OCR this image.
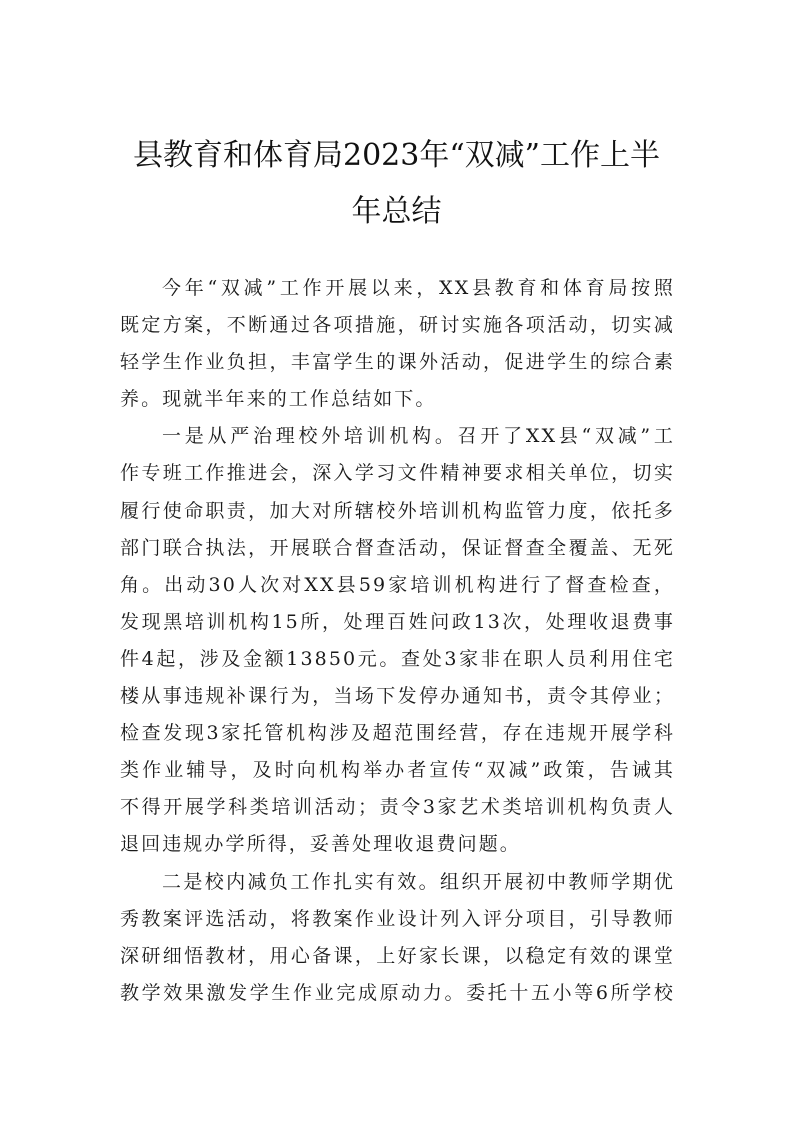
县教育和体育局2023年“双减”工作上半
年总结
今年“双减”工作开展以来，XX县教育和体育局按照
既定方案，不断通过各项措施，研讨实施各项活动，切实减
轻学生作业负担，丰富学生的课外活动，促进学生的综合素
养。现就半年来的工作总结如下。
一是从严治理校外培训机构。召开了XX县“双减”工
作专班工作推进会，深入学习文件精神要求相关单位，切实
履行使命职责，加大对所辖校外培训机构监管力度，依托多
部门联合执法，开展联合督查活动，保证督查全覆盖、无死
角。出动30人次对XX县59家培训机构进行了督查检查，
发现黑培训机构15所，处理百姓问政13次，处理收退费事
件4起，涉及金额13850元。查处3家非在职人员利用住宅
楼从事违规补课行为，当场下发停办通知书，责令其停业；
检查发现3家托管机构涉及超范围经营，存在违规开展学科
类作业辅导，及时向机构举办者宣传“双减”政策，告诫其
不得开展学科类培训活动；责令3家艺术类培训机构负责人
退回违规办学所得，妥善处理收退费问题。
二是校内减负工作扎实有效。组织开展初中教师学期优
秀教案评选活动，将教案作业设计列入评分项目，引导教师
深研细悟教材，用心备课，上好家长课，以稳定有效的课堂
教学效果激发学生作业完成原动力。委托十五小等6所学校
